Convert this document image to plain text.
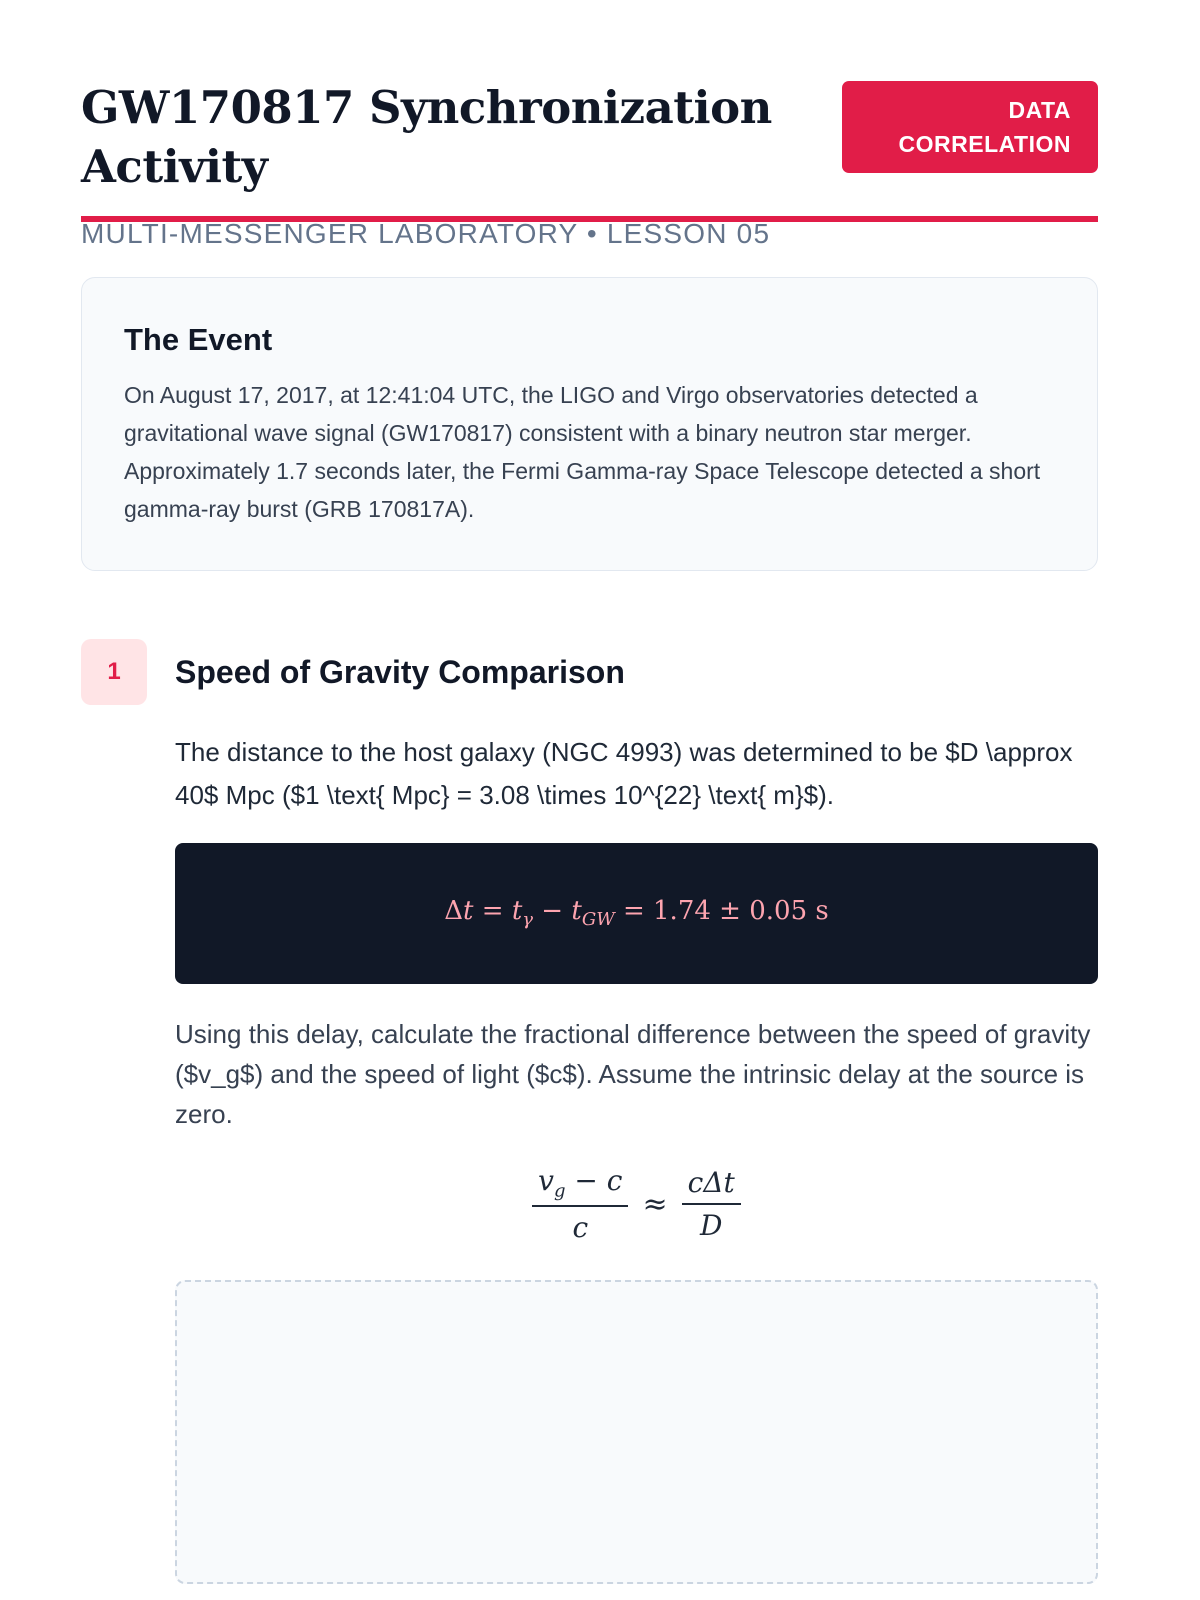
GW170817 Synchronization Activity
MULTI-MESSENGER LABORATORY • LESSON 05
DATA CORRELATION
The Event

On August 17, 2017, at 12:41:04 UTC, the LIGO and Virgo observatories detected a gravitational wave signal (GW170817) consistent with a binary neutron star merger. Approximately 1.7 seconds later, the Fermi Gamma-ray Space Telescope detected a short gamma-ray burst (GRB 170817A).

1	Speed of Gravity Comparison

The distance to the host galaxy (NGC 4993) was determined to be $D \approx 40$ Mpc ($1 \text{ Mpc} = 3.08 \times 10^{22} \text{ m}$).

$\Delta t = t_\gamma - t_{GW} = 1.74 \pm 0.05$ s

Using this delay, calculate the fractional difference between the speed of gravity ($v_g$) and the speed of light ($c$). Assume the intrinsic delay at the source is zero.

$\frac{v_g - c}{c} \approx \frac{\text{cΔt}}{D}$
